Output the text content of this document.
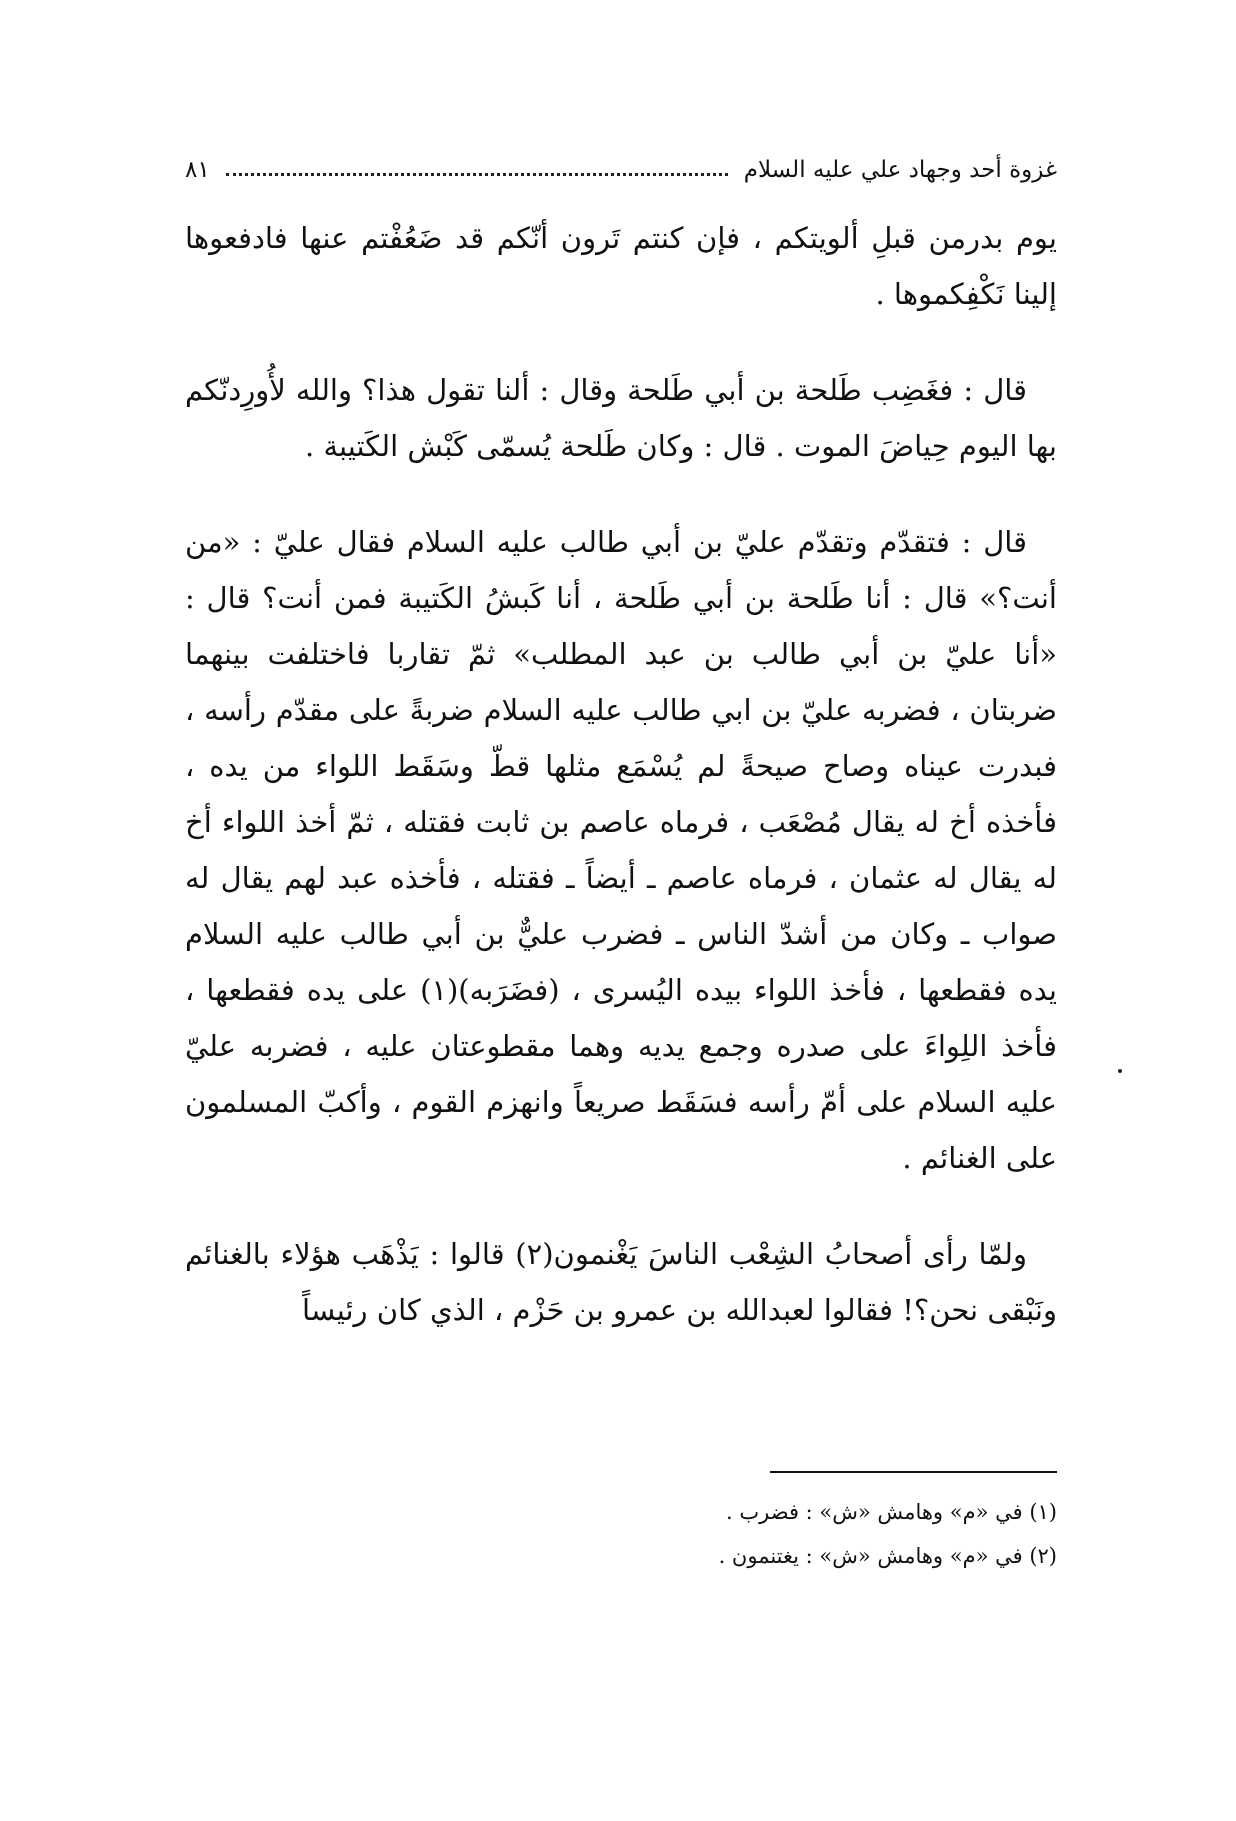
غزوة أحد وجهاد علي عليه السلام
٨١

يوم بدرمن قبلِ ألويتكم ، فإن كنتم تَرون أنّكم قد ضَعُفْتم عنها فادفعوها إلينا نَكْفِكموها .

قال : فغَضِب طَلحة بن أبي طَلحة وقال : ألنا تقول هذا؟ والله لأُورِدنّكم بها اليوم حِياضَ الموت . قال : وكان طَلحة يُسمّى كَبْش الكَتيبة .

قال : فتقدّم وتقدّم عليّ بن أبي طالب عليه السلام فقال عليّ : «من أنت؟» قال : أنا طَلحة بن أبي طَلحة ، أنا كَبشُ الكَتيبة فمن أنت؟ قال : «أنا عليّ بن أبي طالب بن عبد المطلب» ثمّ تقاربا فاختلفت بينهما ضربتان ، فضربه عليّ بن ابي طالب عليه السلام ضربةً على مقدّم رأسه ، فبدرت عيناه وصاح صيحةً لم يُسْمَع مثلها قطّ وسَقَط اللواء من يده ، فأخذه أخ له يقال مُصْعَب ، فرماه عاصم بن ثابت فقتله ، ثمّ أخذ اللواء أخ له يقال له عثمان ، فرماه عاصم ـ أيضاً ـ فقتله ، فأخذه عبد لهم يقال له صواب ـ وكان من أشدّ الناس ـ فضرب عليٌّ بن أبي طالب عليه السلام يده فقطعها ، فأخذ اللواء بيده اليُسرى ، (فضَرَبه)(١) على يده فقطعها ، فأخذ اللِواءَ على صدره وجمع يديه وهما مقطوعتان عليه ، فضربه عليّ عليه السلام على أمّ رأسه فسَقَط صريعاً وانهزم القوم ، وأكبّ المسلمون على الغنائم .

ولمّا رأى أصحابُ الشِعْب الناسَ يَغْنمون(٢) قالوا : يَذْهَب هؤلاء بالغنائم ونَبْقى نحن؟! فقالوا لعبدالله بن عمرو بن حَزْم ، الذي كان رئيساً

(١) في «م» وهامش «ش» : فضرب .

(٢) في «م» وهامش «ش» : يغتنمون .
